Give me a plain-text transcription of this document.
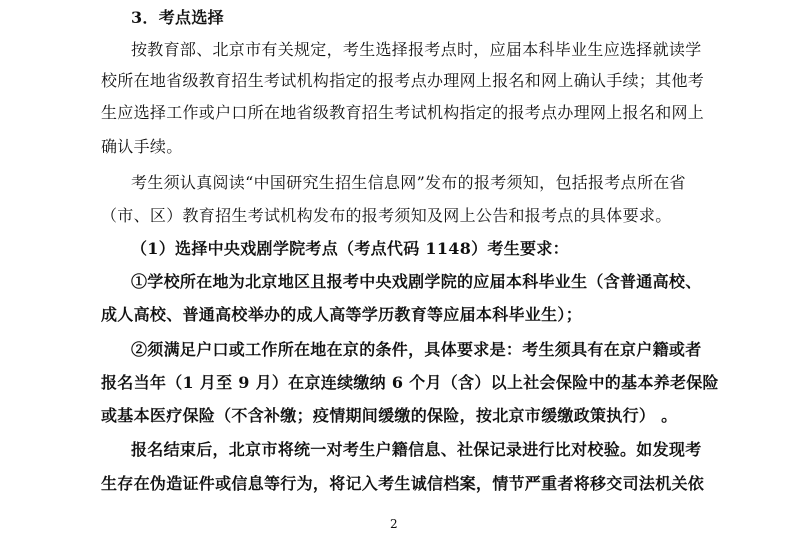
3．考点选择
按教育部、北京市有关规定，考生选择报考点时，应届本科毕业生应选择就读学
校所在地省级教育招生考试机构指定的报考点办理网上报名和网上确认手续；其他考
生应选择工作或户口所在地省级教育招生考试机构指定的报考点办理网上报名和网上
确认手续。
考生须认真阅读“中国研究生招生信息网”发布的报考须知，包括报考点所在省
（市、区）教育招生考试机构发布的报考须知及网上公告和报考点的具体要求。
（1）选择中央戏剧学院考点（考点代码 1148）考生要求：
①学校所在地为北京地区且报考中央戏剧学院的应届本科毕业生（含普通高校、
成人高校、普通高校举办的成人高等学历教育等应届本科毕业生）；
②须满足户口或工作所在地在京的条件，具体要求是：考生须具有在京户籍或者
报名当年（1 月至 9 月）在京连续缴纳 6 个月（含）以上社会保险中的基本养老保险
或基本医疗保险（不含补缴；疫情期间缓缴的保险，按北京市缓缴政策执行） 。
报名结束后，北京市将统一对考生户籍信息、社保记录进行比对校验。如发现考
生存在伪造证件或信息等行为，将记入考生诚信档案，情节严重者将移交司法机关依
2
